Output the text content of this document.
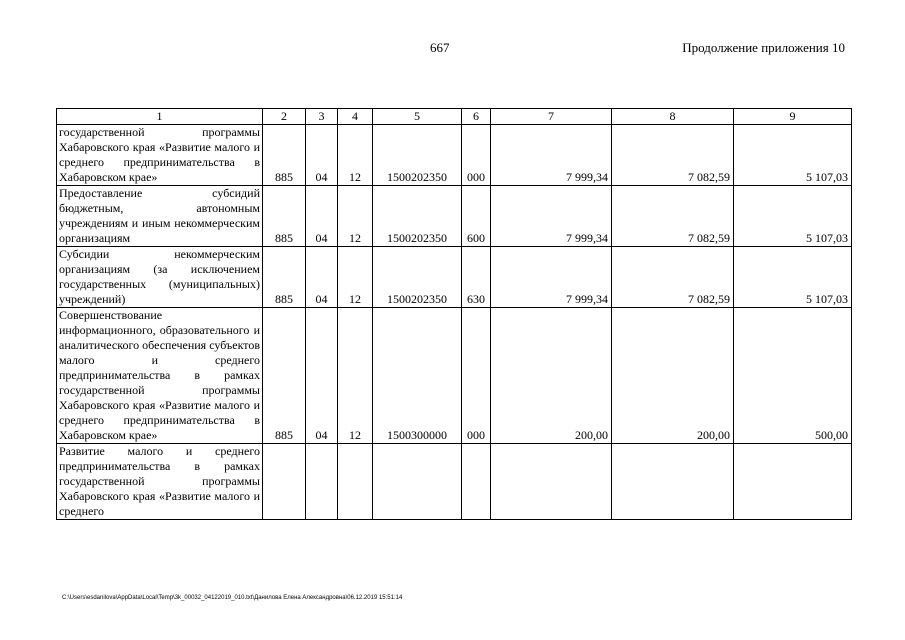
667	Продолжение приложения 10
1	2	3	4	5	6	7	8	9
государственной программы Хабаровского края «Развитие малого и среднего предпринимательства в Хабаровском крае»	885	04	12	1500202350	000	7 999,34	7 082,59	5 107,03
Предоставление субсидий бюджетным, автономным учреждениям и иным некоммерческим организациям	885	04	12	1500202350	600	7 999,34	7 082,59	5 107,03
Субсидии некоммерческим организациям (за исключением государственных (муниципальных) учреждений)	885	04	12	1500202350	630	7 999,34	7 082,59	5 107,03
Совершенствование информационного, образовательного и аналитического обеспечения субъектов малого и среднего предпринимательства в рамках государственной программы Хабаровского края «Развитие малого и среднего предпринимательства в Хабаровском крае»	885	04	12	1500300000	000	200,00	200,00	500,00
Развитие малого и среднего предпринимательства в рамках государственной программы Хабаровского края «Развитие малого и среднего								
C:\Users\esdanilova\AppData\Local\Temp\3k_00032_04122019_010.txt\Данилова Елена Александровна\06.12.2019 15:51:14
